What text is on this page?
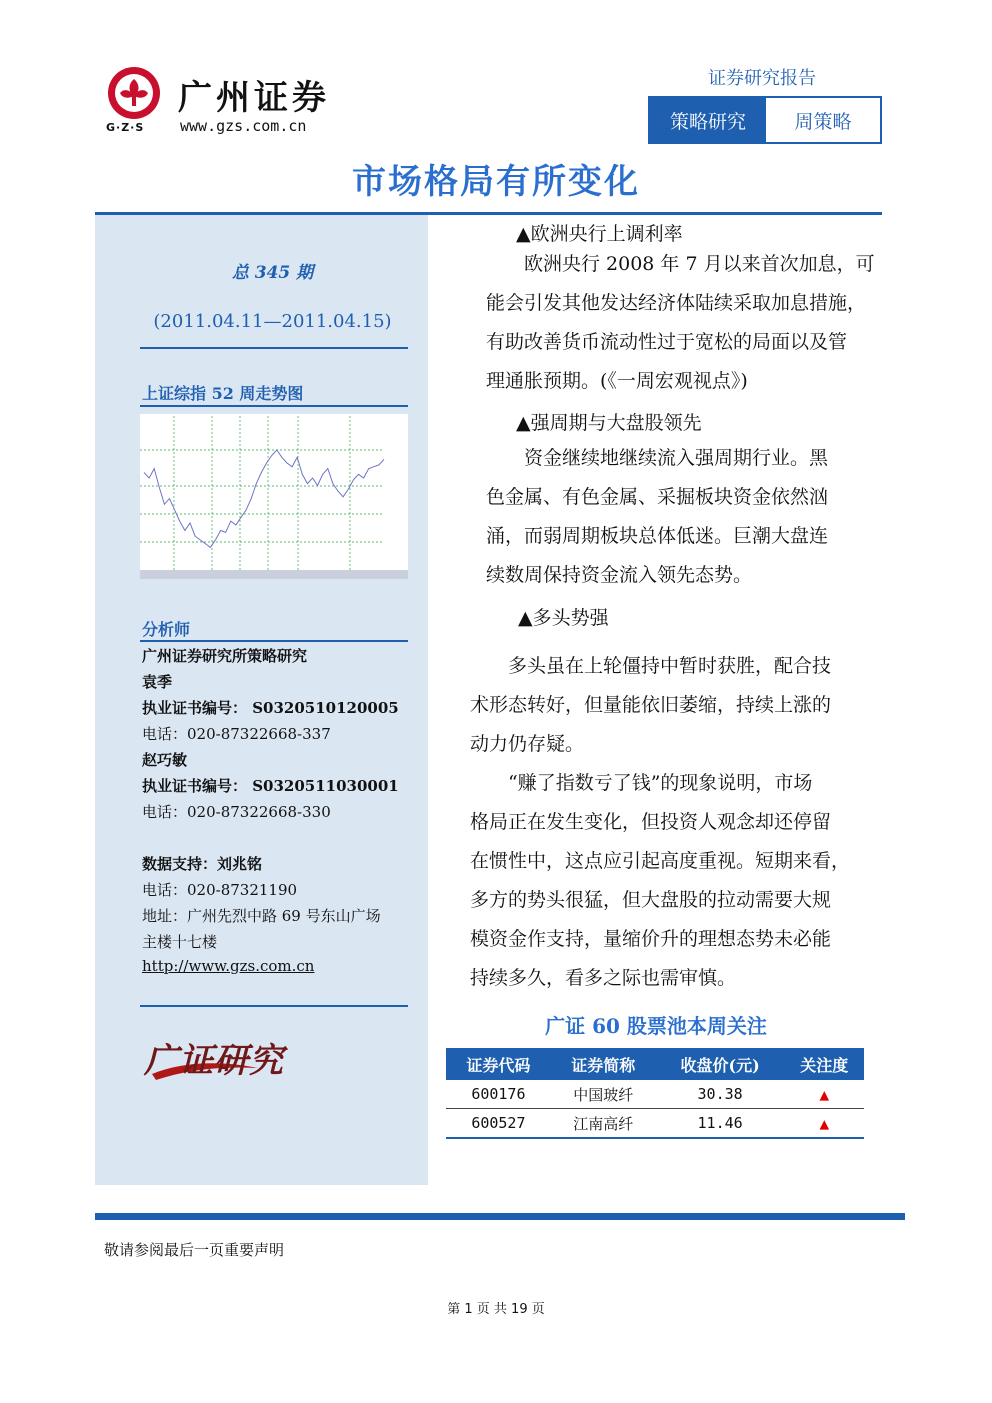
广州证券
G·Z·S www.gzs.com.cn
证券研究报告
策略研究	周策略
市场格局有所变化
总 345 期
(2011.04.11—2011.04.15)
上证综指 52 周走势图
分析师
广州证券研究所策略研究
袁季
执业证书编号： S0320510120005
电话：020-87322668-337
赵巧敏
执业证书编号： S0320511030001
电话：020-87322668-330
数据支持：刘兆铭
电话：020-87321190
地址：广州先烈中路 69 号东山广场
主楼十七楼
http://www.gzs.com.cn
广证研究
▲欧洲央行上调利率
　　欧洲央行 2008 年 7 月以来首次加息，可
能会引发其他发达经济体陆续采取加息措施，
有助改善货币流动性过于宽松的局面以及管
理通胀预期。(《一周宏观视点》)
▲强周期与大盘股领先
　　资金继续地继续流入强周期行业。黑
色金属、有色金属、采掘板块资金依然汹
涌，而弱周期板块总体低迷。巨潮大盘连
续数周保持资金流入领先态势。
▲多头势强
　　多头虽在上轮僵持中暂时获胜，配合技
术形态转好，但量能依旧萎缩，持续上涨的
动力仍存疑。
　　“赚了指数亏了钱”的现象说明，市场
格局正在发生变化，但投资人观念却还停留
在惯性中，这点应引起高度重视。短期来看，
多方的势头很猛，但大盘股的拉动需要大规
模资金作支持，量缩价升的理想态势未必能
持续多久，看多之际也需审慎。
广证 60 股票池本周关注
证券代码	证券简称	收盘价(元)	关注度
600176	中国玻纤	30.38	▲
600527	江南高纤	11.46	▲
敬请参阅最后一页重要声明
第 1 页 共 19 页
